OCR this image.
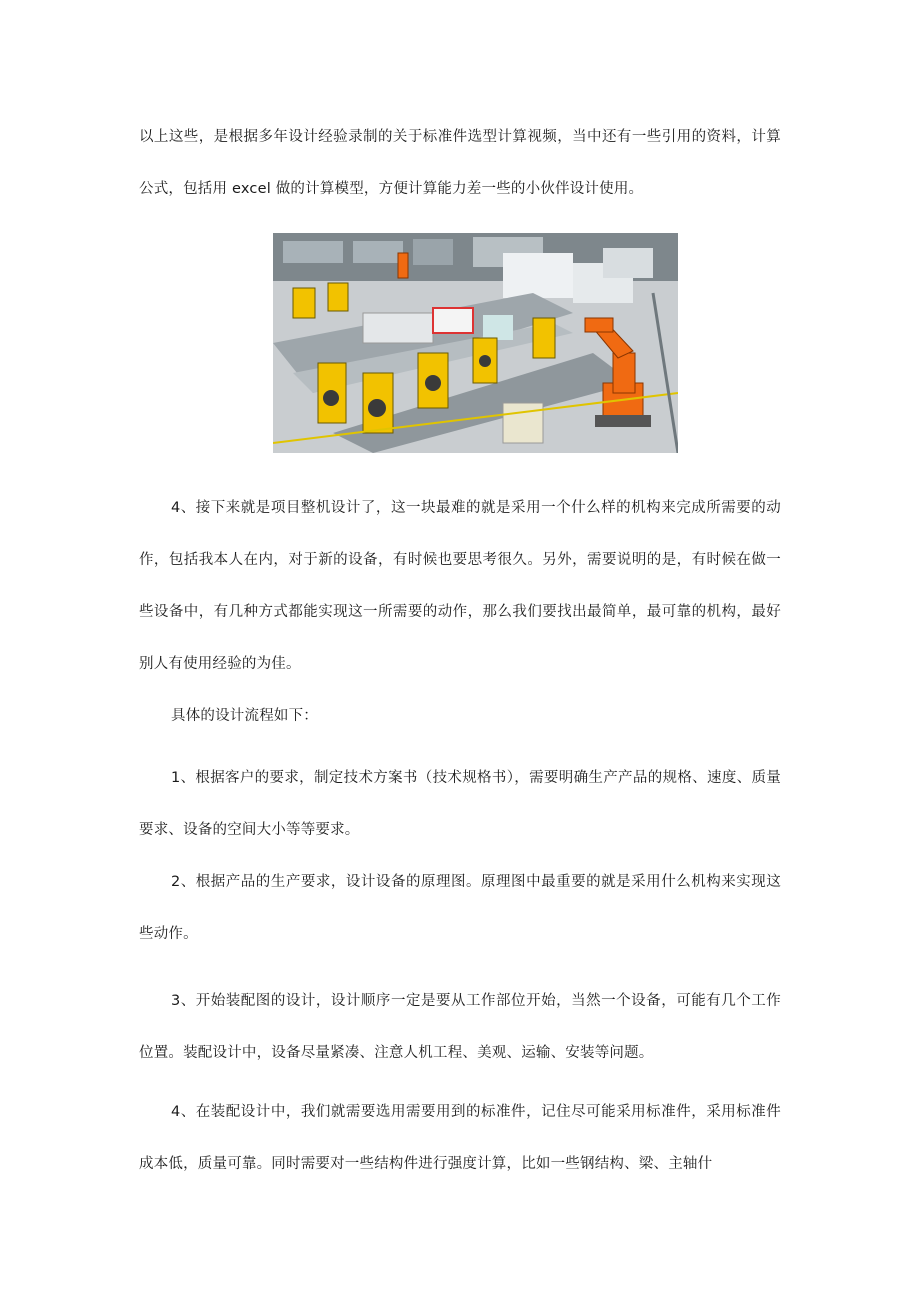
以上这些，是根据多年设计经验录制的关于标准件选型计算视频，当中还有一些引用的资料，计算公式，包括用 excel 做的计算模型，方便计算能力差一些的小伙伴设计使用。

4、接下来就是项目整机设计了，这一块最难的就是采用一个什么样的机构来完成所需要的动作，包括我本人在内，对于新的设备，有时候也要思考很久。另外，需要说明的是，有时候在做一些设备中，有几种方式都能实现这一所需要的动作，那么我们要找出最简单，最可靠的机构，最好别人有使用经验的为佳。

具体的设计流程如下：

1、根据客户的要求，制定技术方案书（技术规格书），需要明确生产产品的规格、速度、质量要求、设备的空间大小等等要求。

2、根据产品的生产要求，设计设备的原理图。原理图中最重要的就是采用什么机构来实现这些动作。

3、开始装配图的设计，设计顺序一定是要从工作部位开始，当然一个设备，可能有几个工作位置。装配设计中，设备尽量紧凑、注意人机工程、美观、运输、安装等问题。

4、在装配设计中，我们就需要选用需要用到的标准件，记住尽可能采用标准件，采用标准件成本低，质量可靠。同时需要对一些结构件进行强度计算，比如一些钢结构、梁、主轴什
